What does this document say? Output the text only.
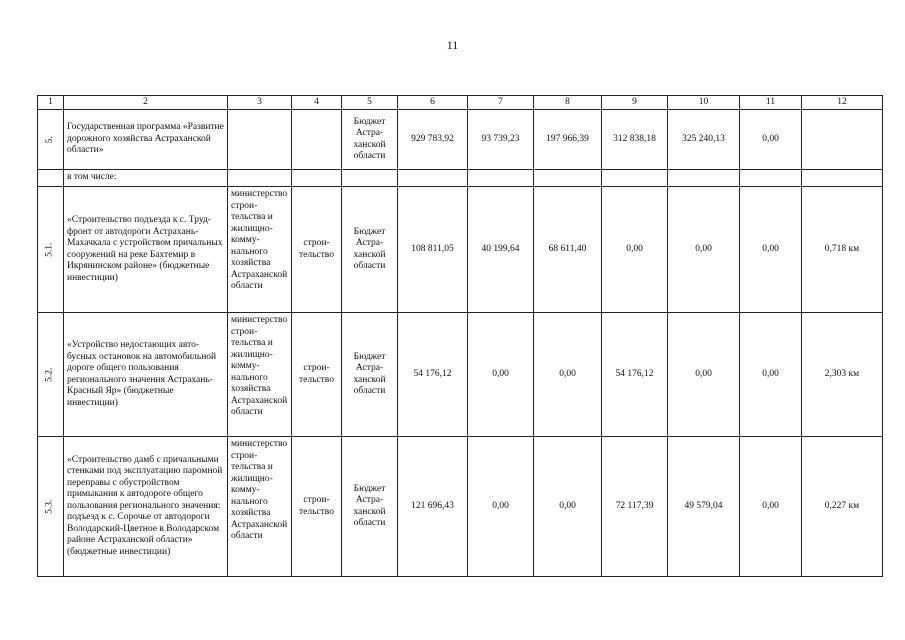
11
1	2	3	4	5	6	7	8	9	10	11	12
5.	Государственная программа «Развитие дорожного хозяйства Астраханской области»			Бюджет Астра-ханской области	929 783,92	93 739,23	197 966,39	312 838,18	325 240,13	0,00	
	в том числе:										
5.1.	«Строительство подъезда к с. Трудфронт от автодороги Астрахань-Махачкала с устройством причальных сооружений на реке Бахтемир в Икрянинском районе» (бюджетные инвестиции)	министерство строительства и жилищно-коммунального хозяйства Астраханской области	строительство	Бюджет Астра-ханской области	108 811,05	40 199,64	68 611,40	0,00	0,00	0,00	0,718 км
5.2.	«Устройство недостающих автобусных остановок на автомобильной дороге общего пользования регионального значения Астрахань-Красный Яр» (бюджетные инвестиции)	министерство строительства и жилищно-коммунального хозяйства Астраханской области	строительство	Бюджет Астра-ханской области	54 176,12	0,00	0,00	54 176,12	0,00	0,00	2,303 км
5.3.	«Строительство дамб с причальными стенками под эксплуатацию паромной переправы с обустройством примыкания к автодороге общего пользования регионального значения: подъезд к с. Сорочье от автодороги Володарский-Цветное в Володарском районе Астраханской области» (бюджетные инвестиции)	министерство строительства и жилищно-коммунального хозяйства Астраханской области	строительство	Бюджет Астра-ханской области	121 696,43	0,00	0,00	72 117,39	49 579,04	0,00	0,227 км
